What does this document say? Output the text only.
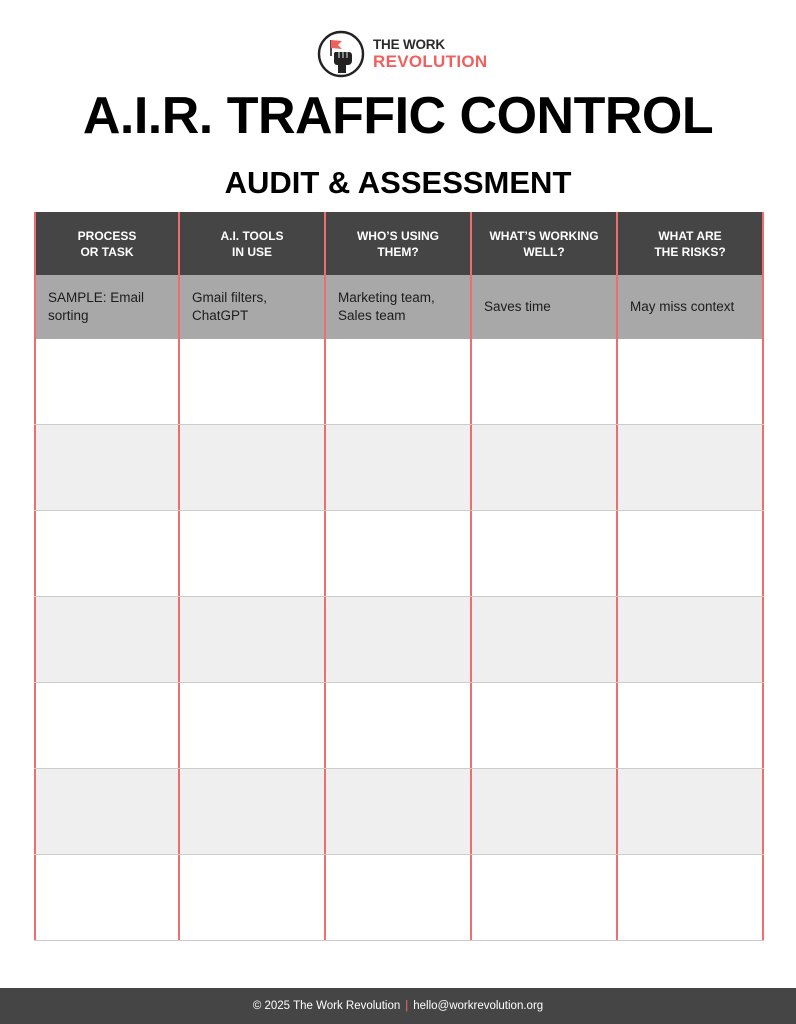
THE WORK
REVOLUTION
A.I.R. TRAFFIC CONTROL
AUDIT & ASSESSMENT
PROCESS
OR TASK
A.I. TOOLS
IN USE
WHO’S USING
THEM?
WHAT’S WORKING
WELL?
WHAT ARE
THE RISKS?
SAMPLE: Email
sorting
Gmail filters,
ChatGPT
Marketing team,
Sales team
Saves time	May miss context
© 2025 The Work Revolution | hello@workrevolution.org
